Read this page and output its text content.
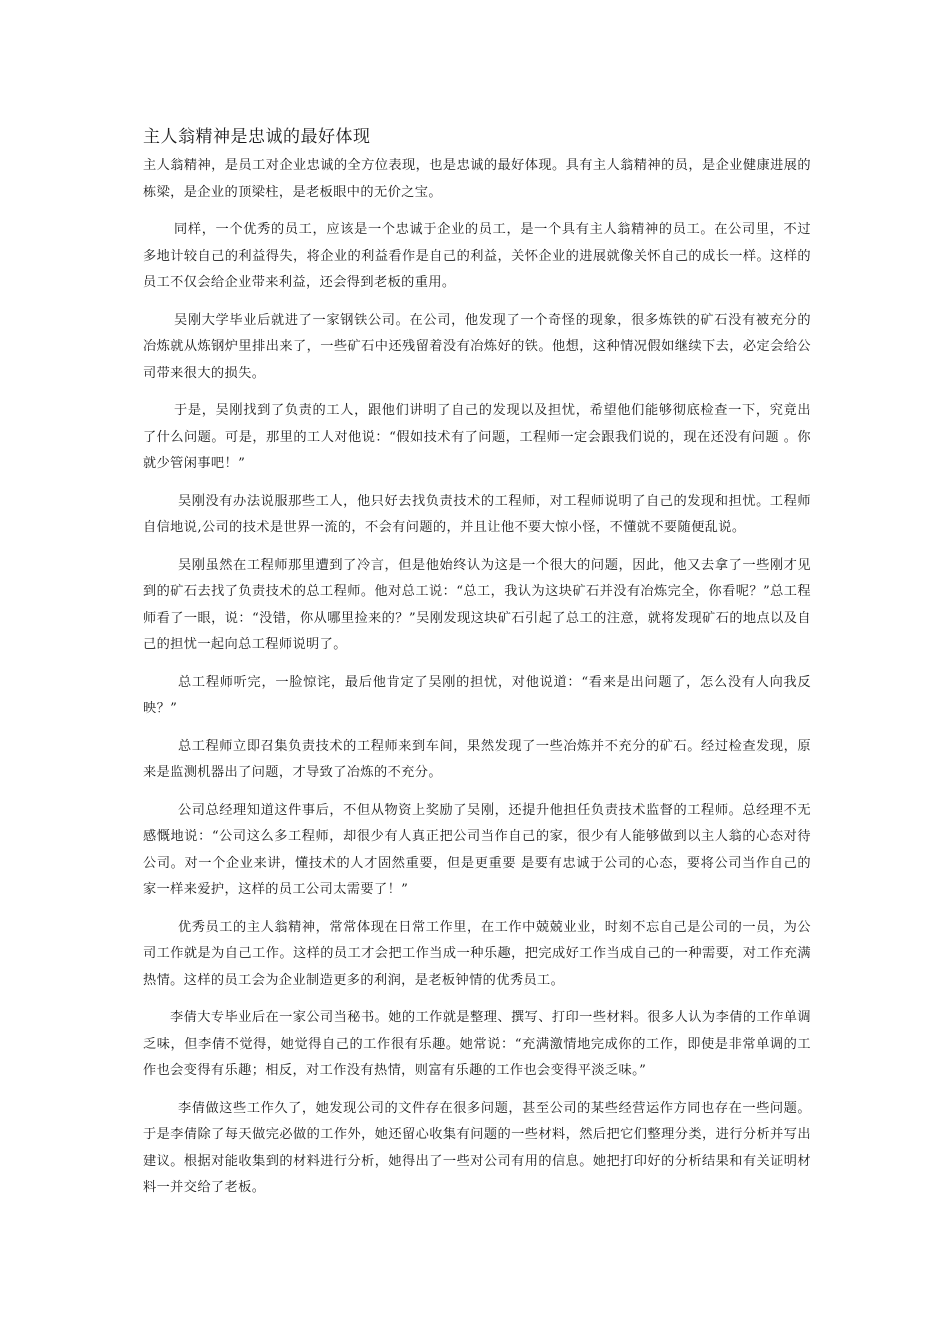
主人翁精神是忠诚的最好体现

主人翁精神，是员工对企业忠诚的全方位表现，也是忠诚的最好体现。具有主人翁精神的员，是企业健康进展的栋梁，是企业的顶梁柱，是老板眼中的无价之宝。

同样，一个优秀的员工，应该是一个忠诚于企业的员工，是一个具有主人翁精神的员工。在公司里，不过多地计较自己的利益得失，将企业的利益看作是自己的利益，关怀企业的进展就像关怀自己的成长一样。这样的员工不仅会给企业带来利益，还会得到老板的重用。

吴刚大学毕业后就进了一家钢铁公司。在公司，他发现了一个奇怪的现象，很多炼铁的矿石没有被充分的冶炼就从炼钢炉里排出来了，一些矿石中还残留着没有冶炼好的铁。他想，这种情况假如继续下去，必定会给公司带来很大的损失。

于是，吴刚找到了负责的工人，跟他们讲明了自己的发现以及担忧，希望他们能够彻底检查一下，究竟出了什么问题。可是，那里的工人对他说：“假如技术有了问题，工程师一定会跟我们说的，现在还没有问题 。你就少管闲事吧！”

吴刚没有办法说服那些工人，他只好去找负责技术的工程师，对工程师说明了自己的发现和担忧。工程师自信地说,公司的技术是世界一流的，不会有问题的，并且让他不要大惊小怪，不懂就不要随便乱说。

吴刚虽然在工程师那里遭到了冷言，但是他始终认为这是一个很大的问题，因此，他又去拿了一些刚才见到的矿石去找了负责技术的总工程师。他对总工说：“总工，我认为这块矿石并没有冶炼完全，你看呢？”总工程师看了一眼，说：“没错，你从哪里捡来的？”吴刚发现这块矿石引起了总工的注意，就将发现矿石的地点以及自己的担忧一起向总工程师说明了。

总工程师听完，一脸惊诧，最后他肯定了吴刚的担忧，对他说道：“看来是出问题了，怎么没有人向我反映？”

总工程师立即召集负责技术的工程师来到车间，果然发现了一些冶炼并不充分的矿石。经过检查发现，原来是监测机器出了问题，才导致了冶炼的不充分。

公司总经理知道这件事后，不但从物资上奖励了吴刚，还提升他担任负责技术监督的工程师。总经理不无感慨地说：“公司这么多工程师，却很少有人真正把公司当作自己的家，很少有人能够做到以主人翁的心态对待公司。对一个企业来讲，懂技术的人才固然重要，但是更重要 是要有忠诚于公司的心态，要将公司当作自己的家一样来爱护，这样的员工公司太需要了！”

优秀员工的主人翁精神，常常体现在日常工作里，在工作中兢兢业业，时刻不忘自己是公司的一员，为公司工作就是为自己工作。这样的员工才会把工作当成一种乐趣，把完成好工作当成自己的一种需要，对工作充满热情。这样的员工会为企业制造更多的利润，是老板钟情的优秀员工。

李倩大专毕业后在一家公司当秘书。她的工作就是整理、撰写、打印一些材料。很多人认为李倩的工作单调乏味，但李倩不觉得，她觉得自己的工作很有乐趣。她常说：“充满激情地完成你的工作，即使是非常单调的工作也会变得有乐趣；相反，对工作没有热情，则富有乐趣的工作也会变得平淡乏味。”

李倩做这些工作久了，她发现公司的文件存在很多问题，甚至公司的某些经营运作方同也存在一些问题。于是李倩除了每天做完必做的工作外，她还留心收集有问题的一些材料，然后把它们整理分类，进行分析并写出建议。根据对能收集到的材料进行分析，她得出了一些对公司有用的信息。她把打印好的分析结果和有关证明材料一并交给了老板。
